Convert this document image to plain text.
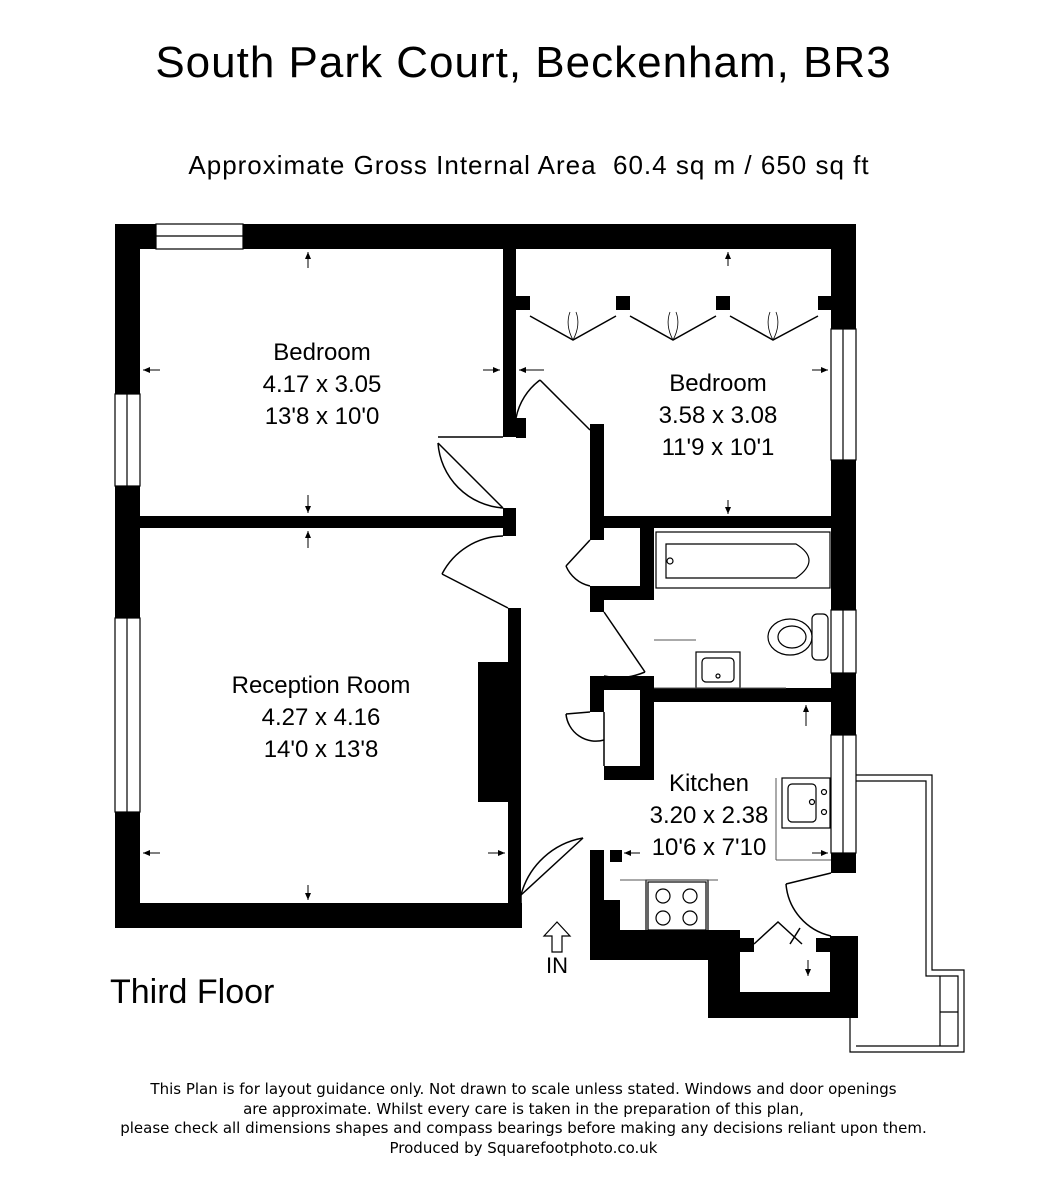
South Park Court, Beckenham, BR3
Approximate Gross Internal Area  60.4 sq m / 650 sq ft
Bedroom
4.17 x 3.05
13'8 x 10'0
Bedroom
3.58 x 3.08
11'9 x 10'1
Reception Room
4.27 x 4.16
14'0 x 13'8
Kitchen
3.20 x 2.38
10'6 x 7'10
IN
Third Floor
This Plan is for layout guidance only. Not drawn to scale unless stated. Windows and door openings
are approximate. Whilst every care is taken in the preparation of this plan,
please check all dimensions shapes and compass bearings before making any decisions reliant upon them.
Produced by Squarefootphoto.co.uk
